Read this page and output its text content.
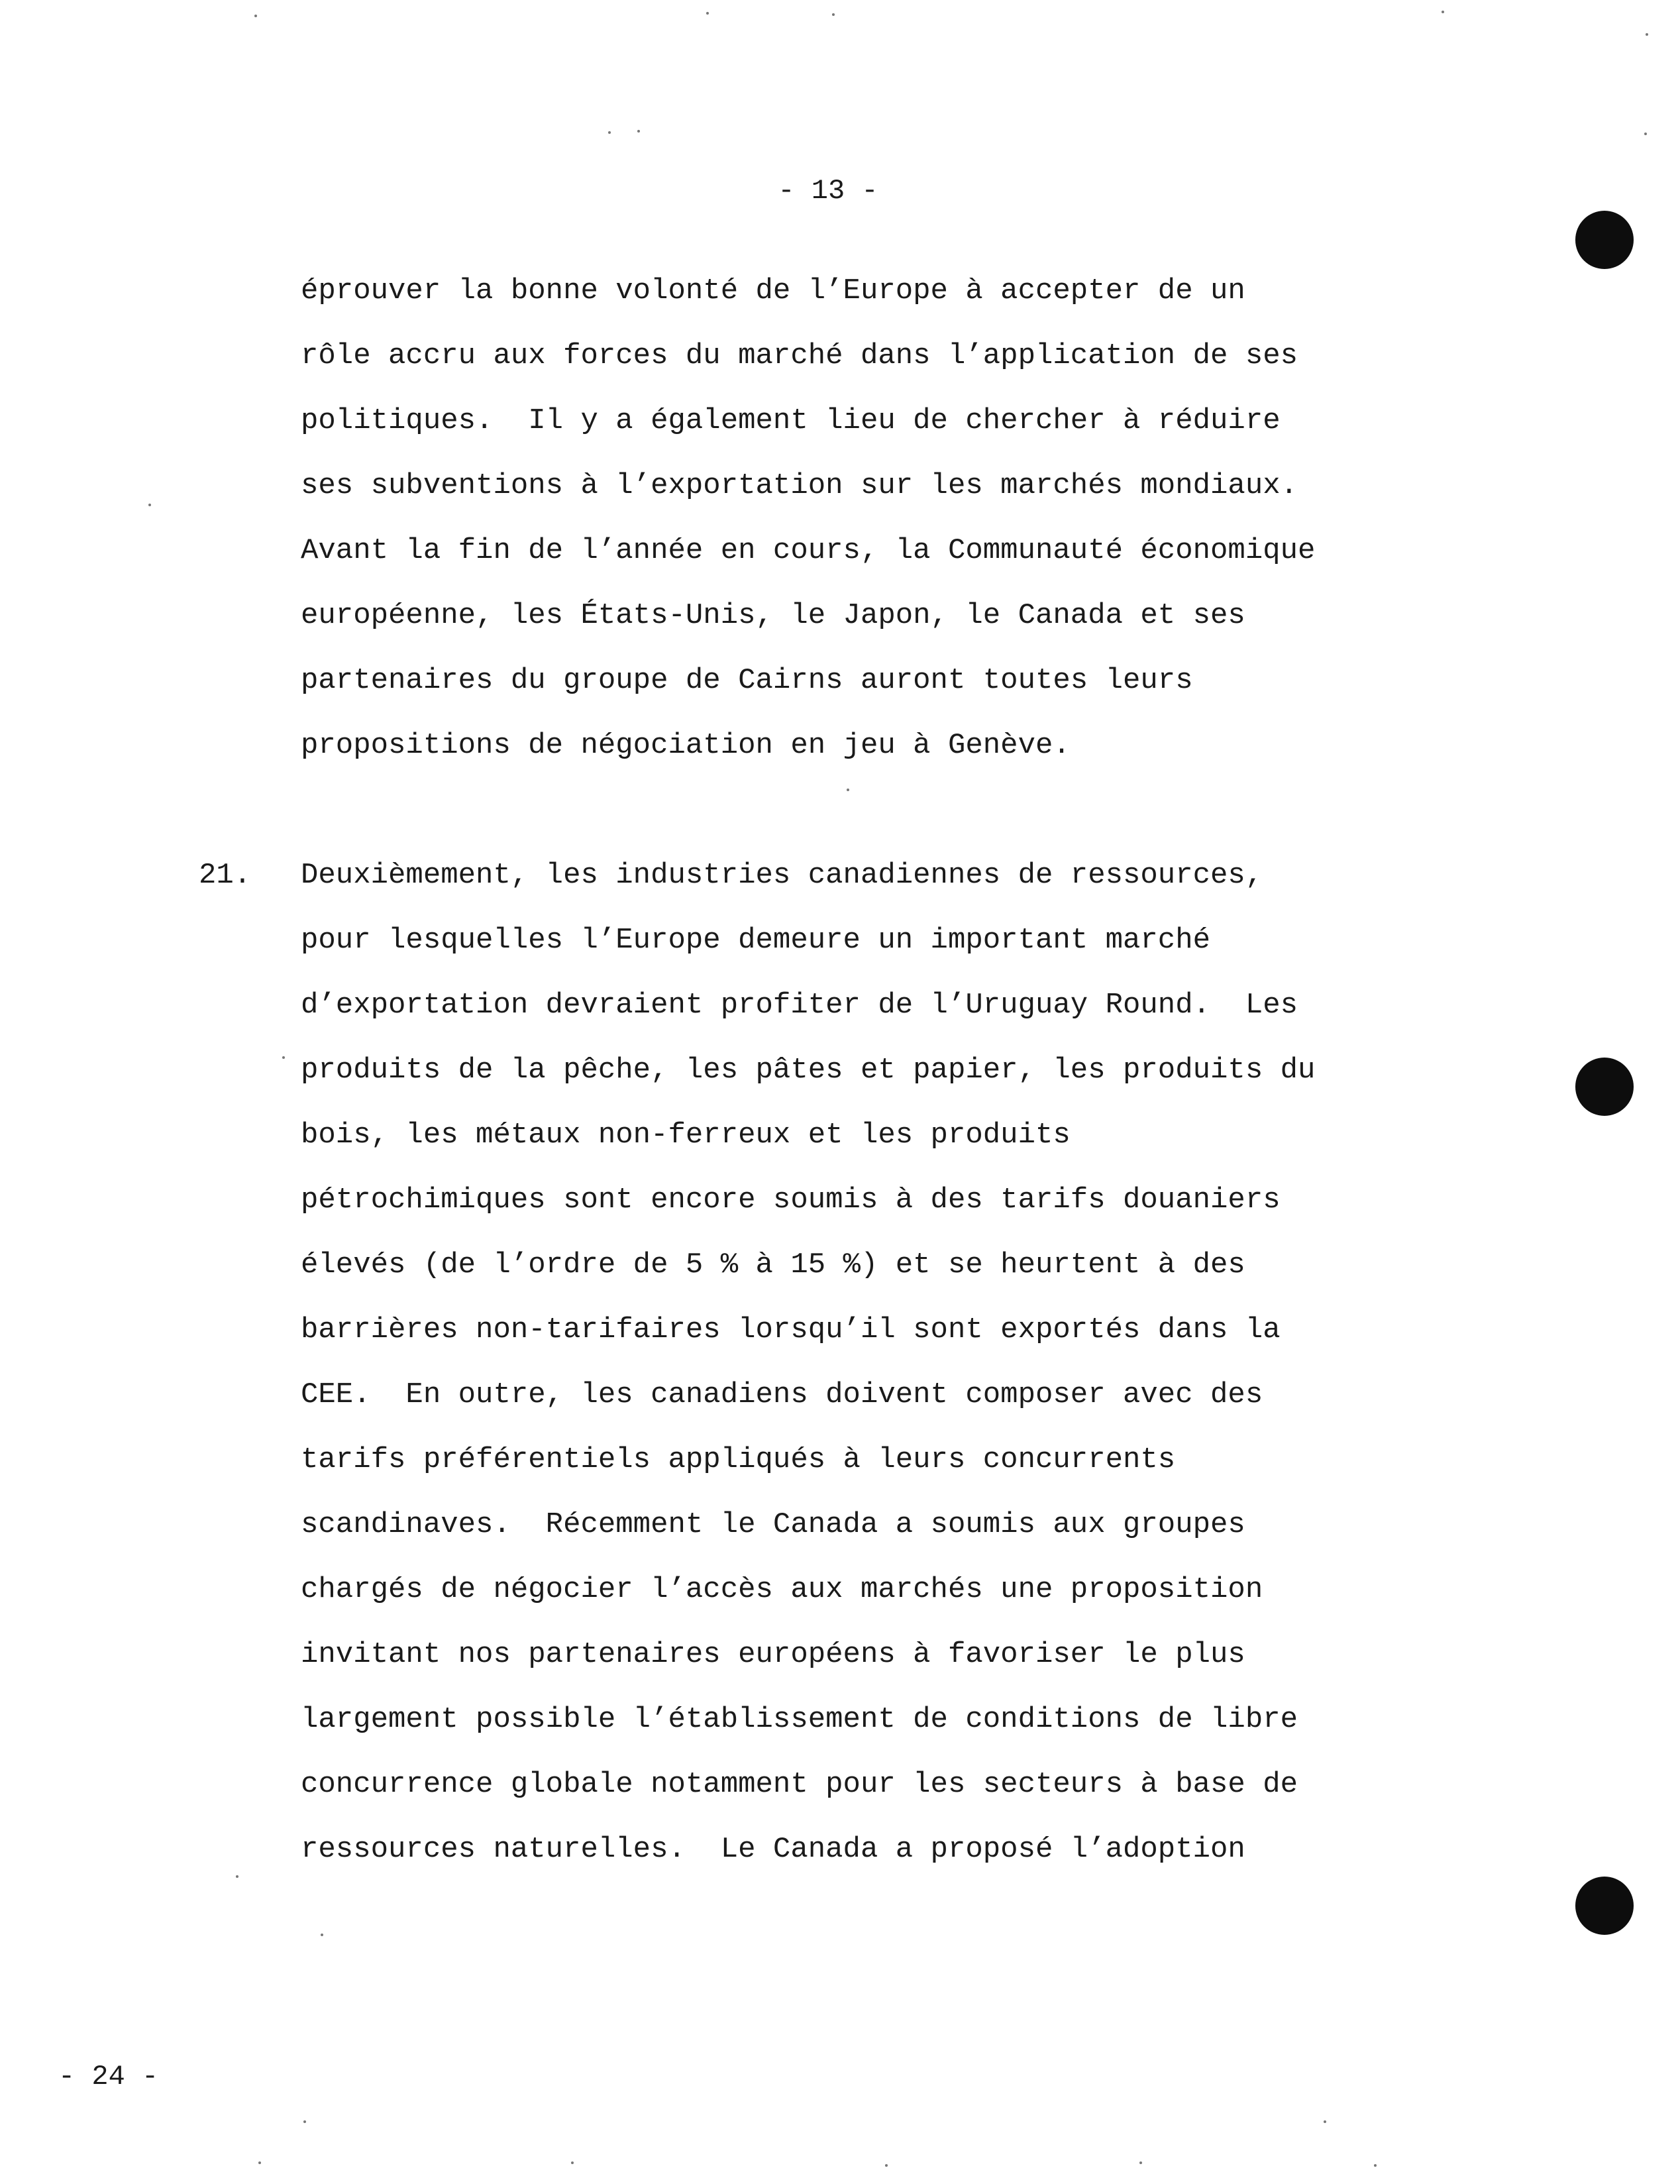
- 13 -
éprouver la bonne volonté de l’Europe à accepter de un
rôle accru aux forces du marché dans l’application de ses
politiques.  Il y a également lieu de chercher à réduire
ses subventions à l’exportation sur les marchés mondiaux.
Avant la fin de l’année en cours, la Communauté économique
européenne, les États-Unis, le Japon, le Canada et ses
partenaires du groupe de Cairns auront toutes leurs
propositions de négociation en jeu à Genève.
21. Deuxièmement, les industries canadiennes de ressources,
pour lesquelles l’Europe demeure un important marché
d’exportation devraient profiter de l’Uruguay Round.  Les
produits de la pêche, les pâtes et papier, les produits du
bois, les métaux non-ferreux et les produits
pétrochimiques sont encore soumis à des tarifs douaniers
élevés (de l’ordre de 5 % à 15 %) et se heurtent à des
barrières non-tarifaires lorsqu’il sont exportés dans la
CEE.  En outre, les canadiens doivent composer avec des
tarifs préférentiels appliqués à leurs concurrents
scandinaves.  Récemment le Canada a soumis aux groupes
chargés de négocier l’accès aux marchés une proposition
invitant nos partenaires européens à favoriser le plus
largement possible l’établissement de conditions de libre
concurrence globale notamment pour les secteurs à base de
ressources naturelles.  Le Canada a proposé l’adoption
- 24 -
